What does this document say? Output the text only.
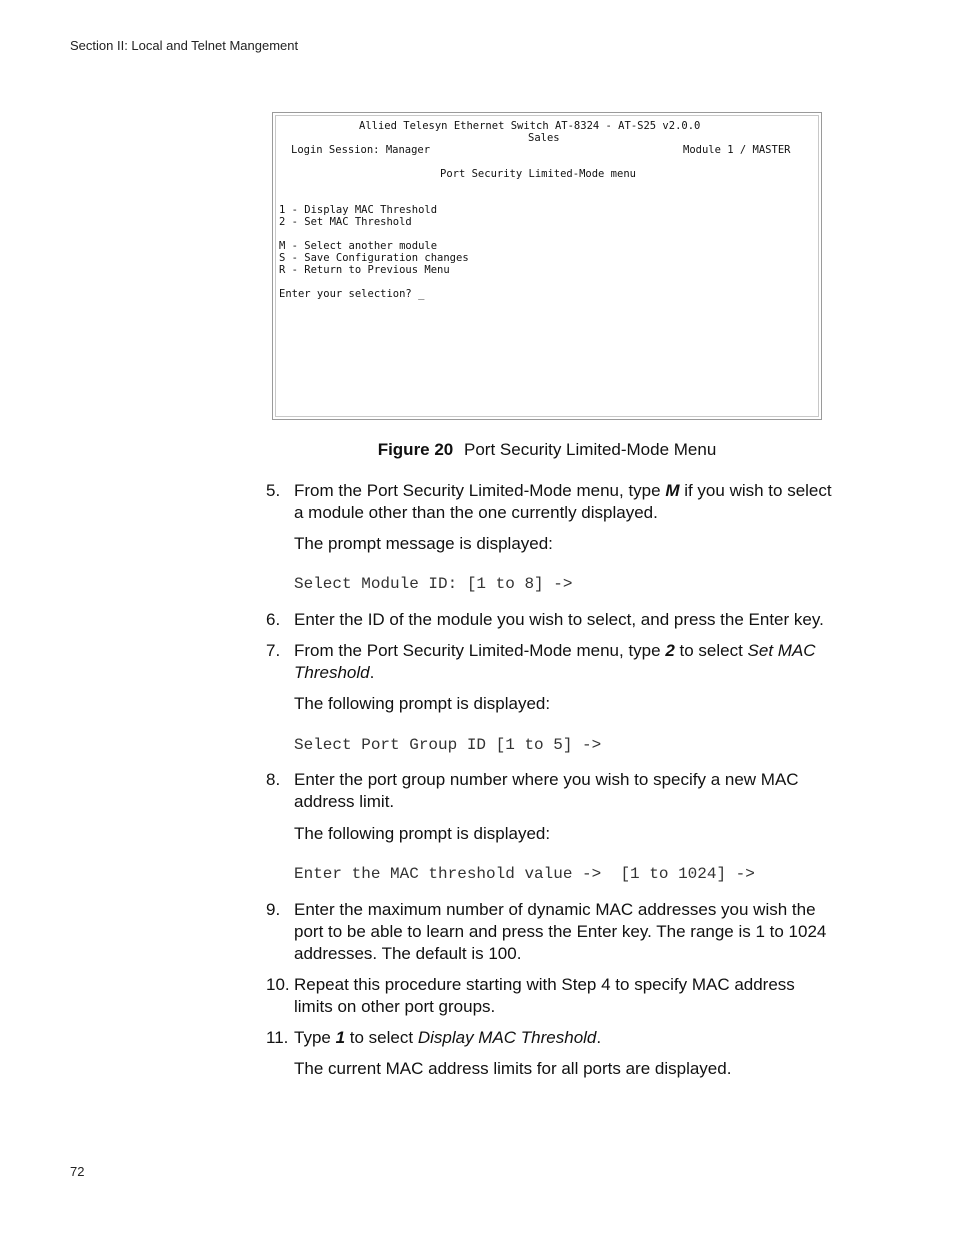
Section II: Local and Telnet Mangement
Allied Telesyn Ethernet Switch AT-8324 - AT-S25 v2.0.0
Sales
Login Session: Manager	Module 1 / MASTER
Port Security Limited-Mode menu
1 - Display MAC Threshold
2 - Set MAC Threshold
M - Select another module
S - Save Configuration changes
R - Return to Previous Menu
Enter your selection? _
Figure 20 Port Security Limited-Mode Menu
5. From the Port Security Limited-Mode menu, type M if you wish to select a module other than the one currently displayed.
The prompt message is displayed:
Select Module ID: [1 to 8] ->
6. Enter the ID of the module you wish to select, and press the Enter key.
7. From the Port Security Limited-Mode menu, type 2 to select Set MAC Threshold.
The following prompt is displayed:
Select Port Group ID [1 to 5] ->
8. Enter the port group number where you wish to specify a new MAC address limit.
The following prompt is displayed:
Enter the MAC threshold value ->  [1 to 1024] ->
9. Enter the maximum number of dynamic MAC addresses you wish the port to be able to learn and press the Enter key. The range is 1 to 1024 addresses. The default is 100.
10. Repeat this procedure starting with Step 4 to specify MAC address limits on other port groups.
11. Type 1 to select Display MAC Threshold.
The current MAC address limits for all ports are displayed.
72
